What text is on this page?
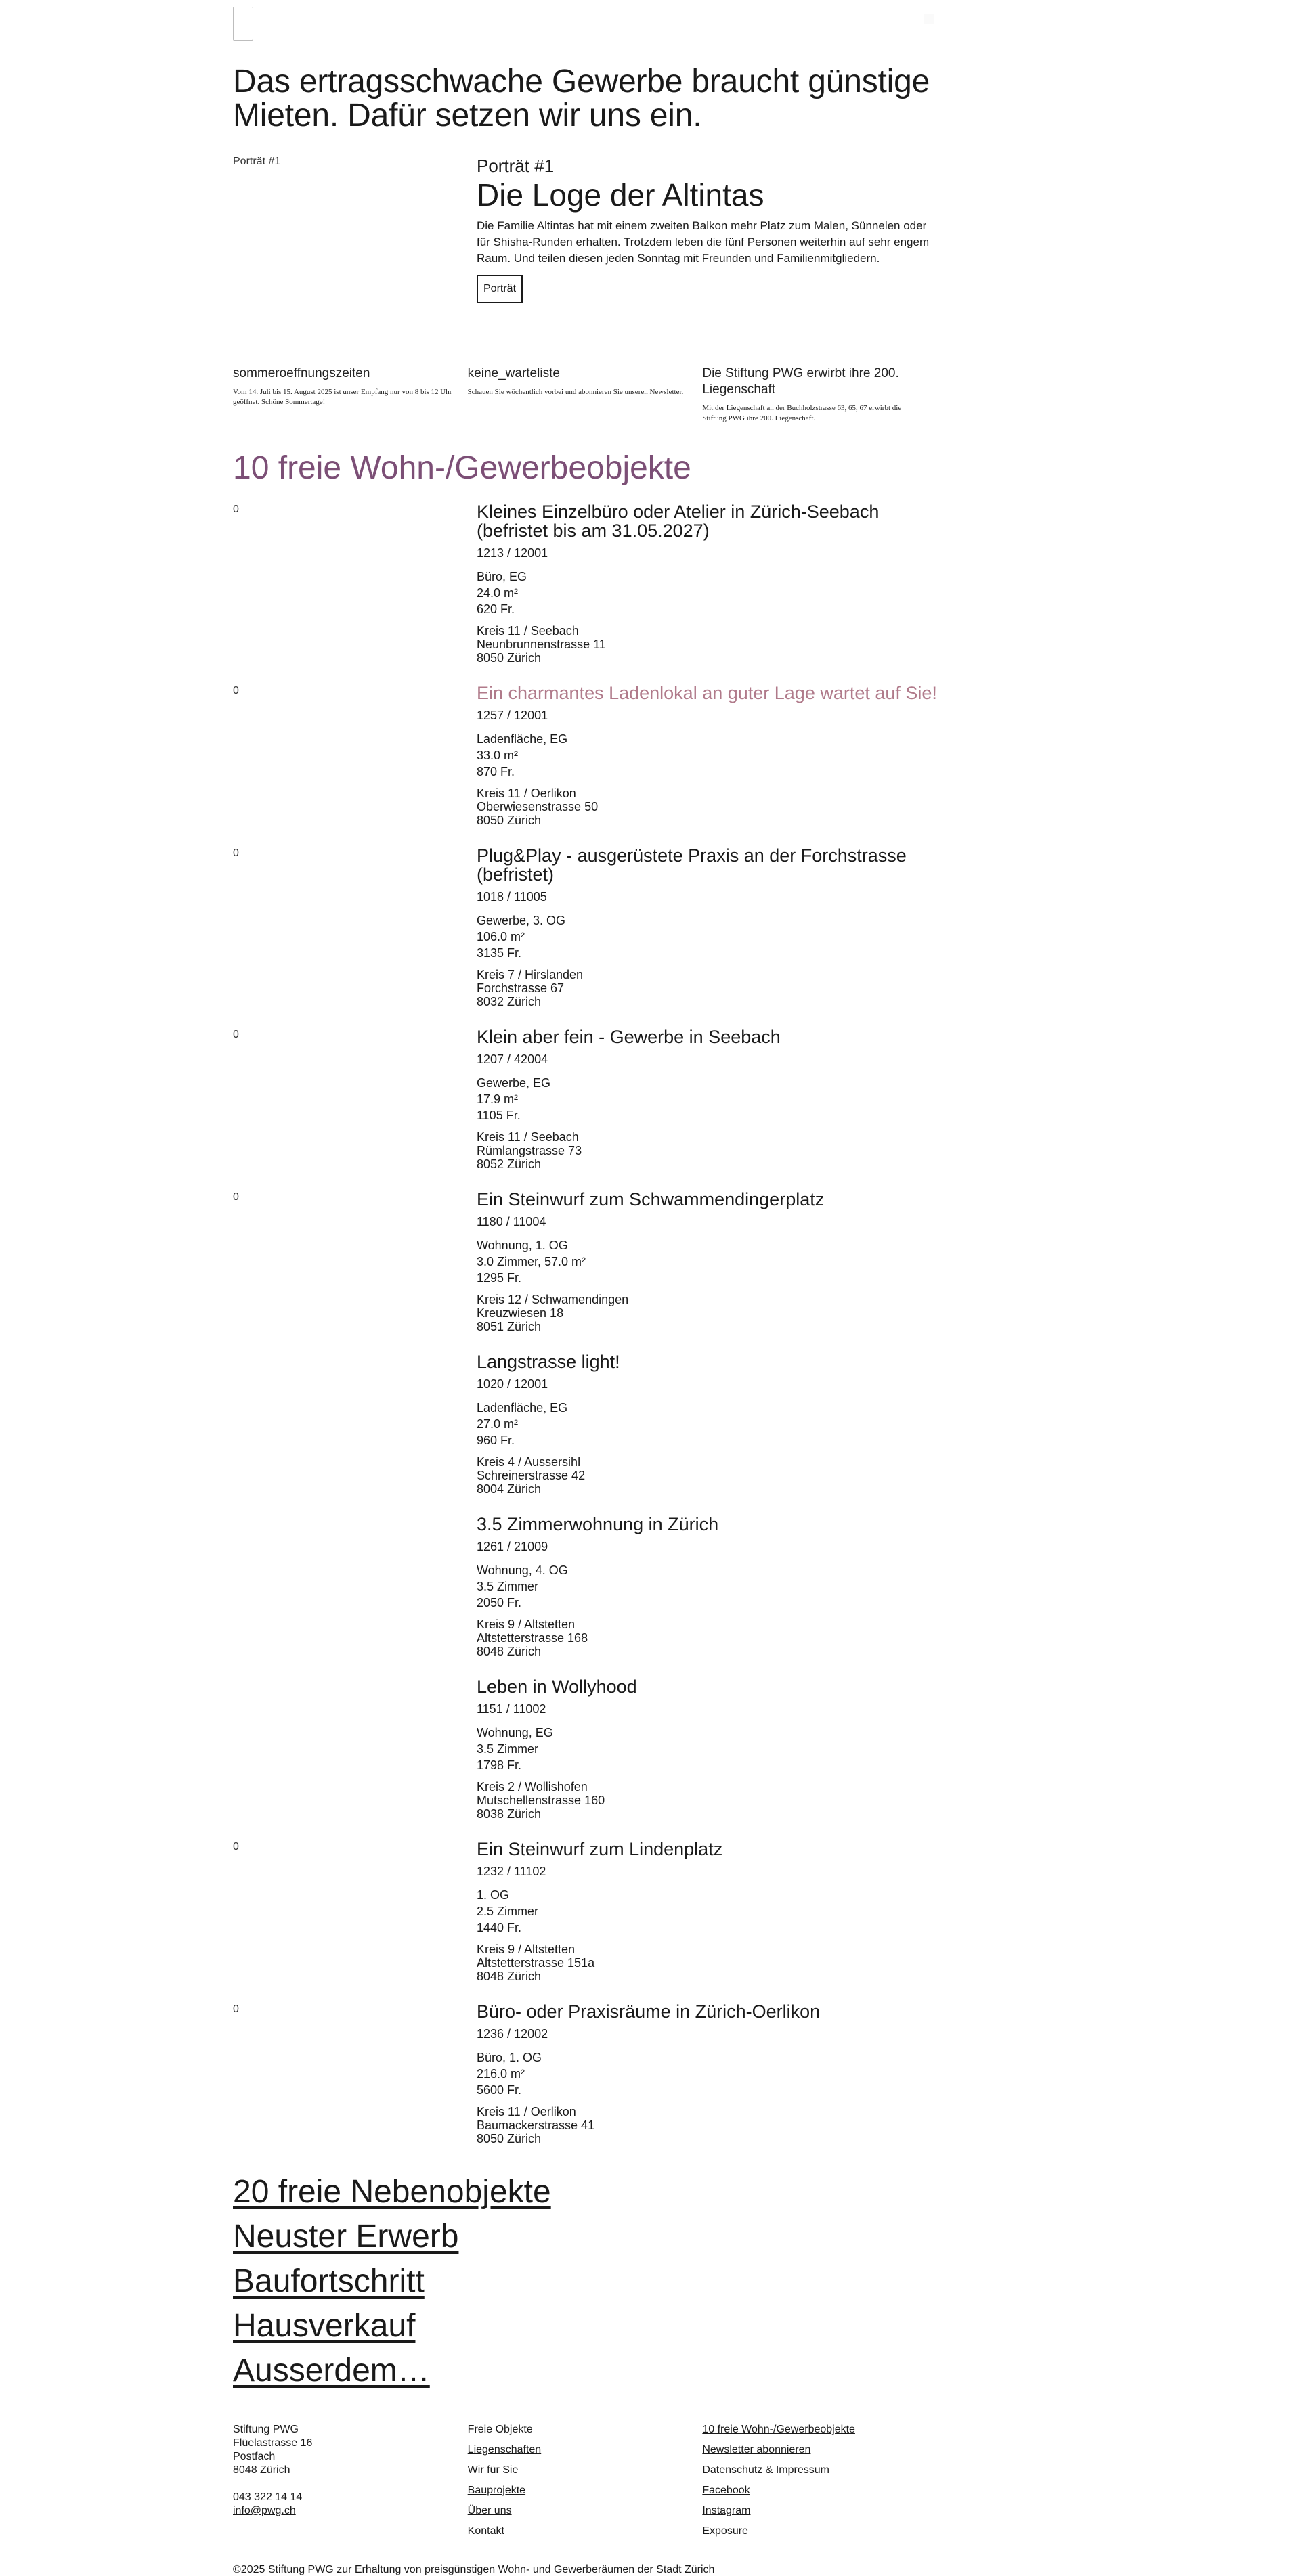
Das ertragsschwache Gewerbe braucht günstige Mieten. Dafür setzen wir uns ein.
Porträt #1	Porträt #1
Die Loge der Altintas

Die Familie Altintas hat mit einem zweiten Balkon mehr Platz zum Malen, Sünnelen oder für Shisha-Runden erhalten. Trotzdem leben die fünf Personen weiterhin auf sehr engem Raum. Und teilen diesen jeden Sonntag mit Freunden und Familienmitgliedern.

Porträt
sommeroeffnungszeiten
Vom 14. Juli bis 15. August 2025 ist unser Empfang nur von 8 bis 12 Uhr geöffnet. Schöne Sommertage!
keine_warteliste
Schauen Sie wöchentlich vorbei und abonnieren Sie unseren Newsletter.
Die Stiftung PWG erwirbt ihre 200. Liegenschaft
Mit der Liegenschaft an der Buchholzstrasse 63, 65, 67 erwirbt die Stiftung PWG ihre 200. Liegenschaft.
10 freie Wohn-/Gewerbeobjekte
0	Kleines Einzelbüro oder Atelier in Zürich-Seebach (befristet bis am 31.05.2027)
1213 / 12001
Büro, EG
24.0 m²
620 Fr.
Kreis 11 / Seebach
Neunbrunnenstrasse 11
8050 Zürich
0	Ein charmantes Ladenlokal an guter Lage wartet auf Sie!
1257 / 12001
Ladenfläche, EG
33.0 m²
870 Fr.
Kreis 11 / Oerlikon
Oberwiesenstrasse 50
8050 Zürich
0	Plug&Play - ausgerüstete Praxis an der Forchstrasse (befristet)
1018 / 11005
Gewerbe, 3. OG
106.0 m²
3135 Fr.
Kreis 7 / Hirslanden
Forchstrasse 67
8032 Zürich
0	Klein aber fein - Gewerbe in Seebach
1207 / 42004
Gewerbe, EG
17.9 m²
1105 Fr.
Kreis 11 / Seebach
Rümlangstrasse 73
8052 Zürich
0	Ein Steinwurf zum Schwammendingerplatz
1180 / 11004
Wohnung, 1. OG
3.0 Zimmer, 57.0 m²
1295 Fr.
Kreis 12 / Schwamendingen
Kreuzwiesen 18
8051 Zürich
Langstrasse light!
1020 / 12001
Ladenfläche, EG
27.0 m²
960 Fr.
Kreis 4 / Aussersihl
Schreinerstrasse 42
8004 Zürich
3.5 Zimmerwohnung in Zürich
1261 / 21009
Wohnung, 4. OG
3.5 Zimmer
2050 Fr.
Kreis 9 / Altstetten
Altstetterstrasse 168
8048 Zürich
Leben in Wollyhood
1151 / 11002
Wohnung, EG
3.5 Zimmer
1798 Fr.
Kreis 2 / Wollishofen
Mutschellenstrasse 160
8038 Zürich
0	Ein Steinwurf zum Lindenplatz
1232 / 11102
1. OG
2.5 Zimmer
1440 Fr.
Kreis 9 / Altstetten
Altstetterstrasse 151a
8048 Zürich
0	Büro- oder Praxisräume in Zürich-Oerlikon
1236 / 12002
Büro, 1. OG
216.0 m²
5600 Fr.
Kreis 11 / Oerlikon
Baumackerstrasse 41
8050 Zürich
20 freie Nebenobjekte
Neuster Erwerb
Baufortschritt
Hausverkauf
Ausserdem…
Stiftung PWG
Flüelastrasse 16
Postfach
8048 Zürich
043 322 14 14
info@pwg.ch
Freie Objekte
Liegenschaften
Wir für Sie
Bauprojekte
Über uns
Kontakt
10 freie Wohn-/Gewerbeobjekte
Newsletter abonnieren
Datenschutz & Impressum
Facebook
Instagram
Exposure
©2025 Stiftung PWG zur Erhaltung von preisgünstigen Wohn- und Gewerberäumen der Stadt Zürich
